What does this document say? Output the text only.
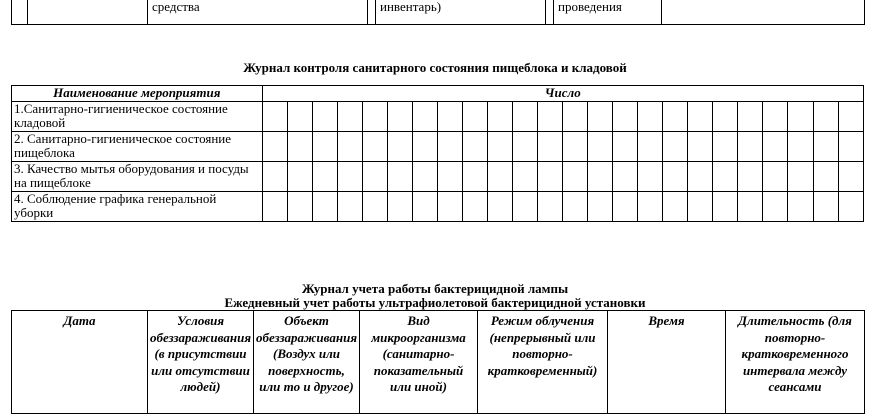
		средства		инвентарь)		проведения	
Журнал контроля санитарного состояния пищеблока и кладовой
Наименование мероприятия	Число																							
1.Санитарно-гигиеническое состояние кладовой																								
2. Санитарно-гигиеническое состояние пищеблока																								
3. Качество мытья оборудования и посуды на пищеблоке																								
4. Соблюдение графика генеральной уборки																								
Журнал учета работы бактерицидной лампы
Ежедневный учет работы ультрафиолетовой бактерицидной установки
Дата	Условия обеззараживания (в присутствии или отсутствии людей)	Объект обеззараживания (Воздух или поверхность, или то и другое)	Вид микроорганизма (санитарно-показательный или иной)	Режим облучения (непрерывный или повторно-кратковременный)	Время	Длительность (для повторно-кратковременного интервала между сеансами
